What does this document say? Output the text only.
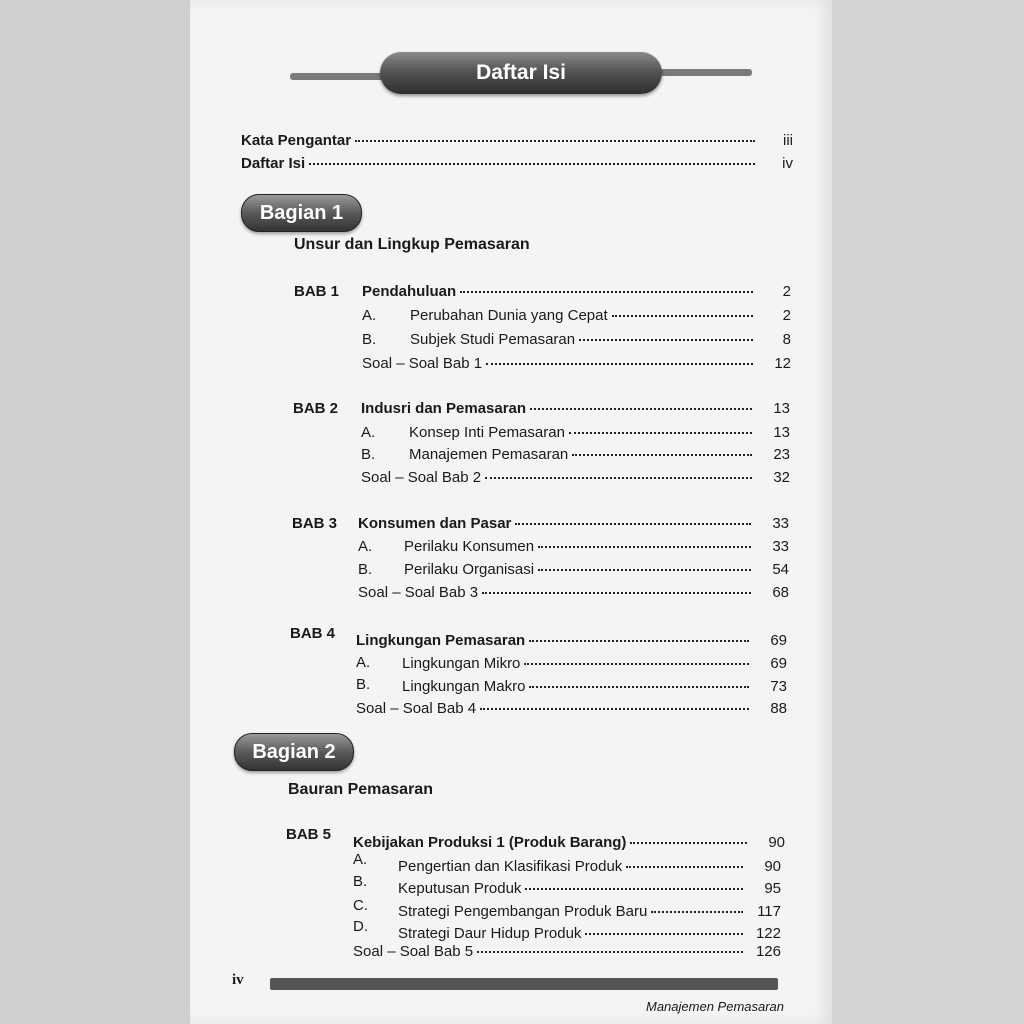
Daftar Isi
Kata Pengantar	iii
Daftar Isi	iv
Bagian 1
Unsur dan Lingkup Pemasaran
BAB 1 Pendahuluan	2
A. Perubahan Dunia yang Cepat	2
B. Subjek Studi Pemasaran	8
Soal – Soal Bab 1	12
BAB 2 Indusri dan Pemasaran	13
A. Konsep Inti Pemasaran	13
B. Manajemen Pemasaran	23
Soal – Soal Bab 2	32
BAB 3 Konsumen dan Pasar	33
A. Perilaku Konsumen	33
B. Perilaku Organisasi	54
Soal – Soal Bab 3	68
BAB 4 Lingkungan Pemasaran	69
A. Lingkungan Mikro	69
B. Lingkungan Makro	73
Soal – Soal Bab 4	88
Bagian 2
Bauran Pemasaran
BAB 5 Kebijakan Produksi 1 (Produk Barang)	90
A. Pengertian dan Klasifikasi Produk	90
B. Keputusan Produk	95
C. Strategi Pengembangan Produk Baru	117
D. Strategi Daur Hidup Produk	122
Soal – Soal Bab 5	126
iv
Manajemen Pemasaran
